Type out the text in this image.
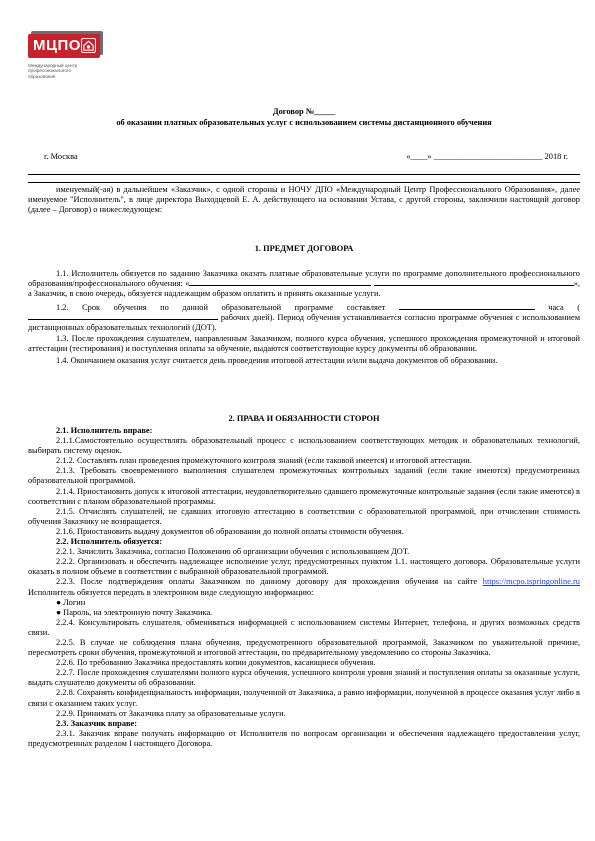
МЦПО
Международный центр профессионального образования
Договор №_____
об оказании платных образовательных услуг с использованием системы дистанционного обучения
г. Москва	«____» __________________________ 2018 г.

именуемый(-ая) в дальнейшем «Заказчик», с одной стороны и НОЧУ ДПО «Международный Центр Профессионального Образования», далее именуемое "Исполнитель", в лице директора Выходцевой Е. А. действующего на основании Устава, с другой стороны, заключили настоящий договор (далее – Договор) о нижеследующем:

1. ПРЕДМЕТ ДОГОВОРА

1.1. Исполнитель обязуется по заданию Заказчика оказать платные образовательные услуги по программе дополнительного профессионального образования/профессионального обучения: «	», а Заказчик, в свою очередь, обязуется надлежащим образом оплатить и принять оказанные услуги.

1.2. Срок обучения по данной образовательной программе составляет	часа ( рабочих дней). Период обучения устанавливается согласно программе обучения с использованием дистанционных образовательных технологий (ДОТ).

1.3. После прохождения слушателем, направленным Заказчиком, полного курса обучения, успешного прохождения промежуточной и итоговой аттестации (тестирования) и поступления оплаты за обучение, выдаются соответствующие курсу документы об образовании.

1.4. Окончанием оказания услуг считается день проведения итоговой аттестации и/или выдача документов об образовании.

2. ПРАВА И ОБЯЗАННОСТИ СТОРОН

2.1. Исполнитель вправе:

2.1.1.Самостоятельно осуществлять образовательный процесс с использованием соответствующих методик и образовательных технологий, выбирать систему оценок.

2.1.2. Составлять план проведения промежуточного контроля знаний (если таковой имеется) и итоговой аттестации.

2.1.3. Требовать своевременного выполнения слушателем промежуточных контрольных заданий (если такие имеются) предусмотренных образовательной программой.

2.1.4. Приостановить допуск к итоговой аттестации, неудовлетворительно сдавшего промежуточные контрольные задания (если такие имеются) в соответствии с планом образовательной программы.

2.1.5. Отчислять слушателей, не сдавших итоговую аттестацию в соответствии с образовательной программой, при отчислении стоимость обучения Заказчику не возвращается.

2.1.6. Приостановить выдачу документов об образовании до полной оплаты стоимости обучения.

2.2. Исполнитель обязуется:

2.2.1. Зачислить Заказчика, согласно Положению об организации обучения с использованием ДОТ.

2.2.2. Организовать и обеспечить надлежащее исполнение услуг, предусмотренных пунктом 1.1. настоящего договора. Образовательные услуги оказать в полном объеме в соответствии с выбранной образовательной программой.

2.2.3. После подтверждения оплаты Заказчиком по данному договору для прохождения обучения на сайте https://mcpo.ispringonline.ru Исполнитель обязуется передать в электронном виде следующую информацию:

● Логин

● Пароль, на электронную почту Заказчика.

2.2.4. Консультировать слушателя, обмениваться информацией с использованием системы Интернет, телефона, и других возможных средств связи.

2.2.5. В случае не соблюдения плана обучения, предусмотренного образовательной программой, Заказчиком по уважительной причине, пересмотреть сроки обучения, промежуточной и итоговой аттестации, по предварительному уведомлению со стороны Заказчика.

2.2.6. По требованию Заказчика предоставлять копии документов, касающиеся обучения.

2.2.7. После прохождения слушателями полного курса обучения, успешного контроля уровня знаний и поступления оплаты за оказанные услуги, выдать слушателю документы об образовании.

2.2.8. Сохранять конфиденциальность информации, полученной от Заказчика, а равно информации, полученной в процессе оказания услуг либо в связи с оказанием таких услуг.

2.2.9. Принимать от Заказчика плату за образовательные услуги.

2.3. Заказчик вправе:

2.3.1. Заказчик вправе получать информацию от Исполнителя по вопросам организации и обеспечения надлежащего предоставления услуг, предусмотренных разделом I настоящего Договора.
